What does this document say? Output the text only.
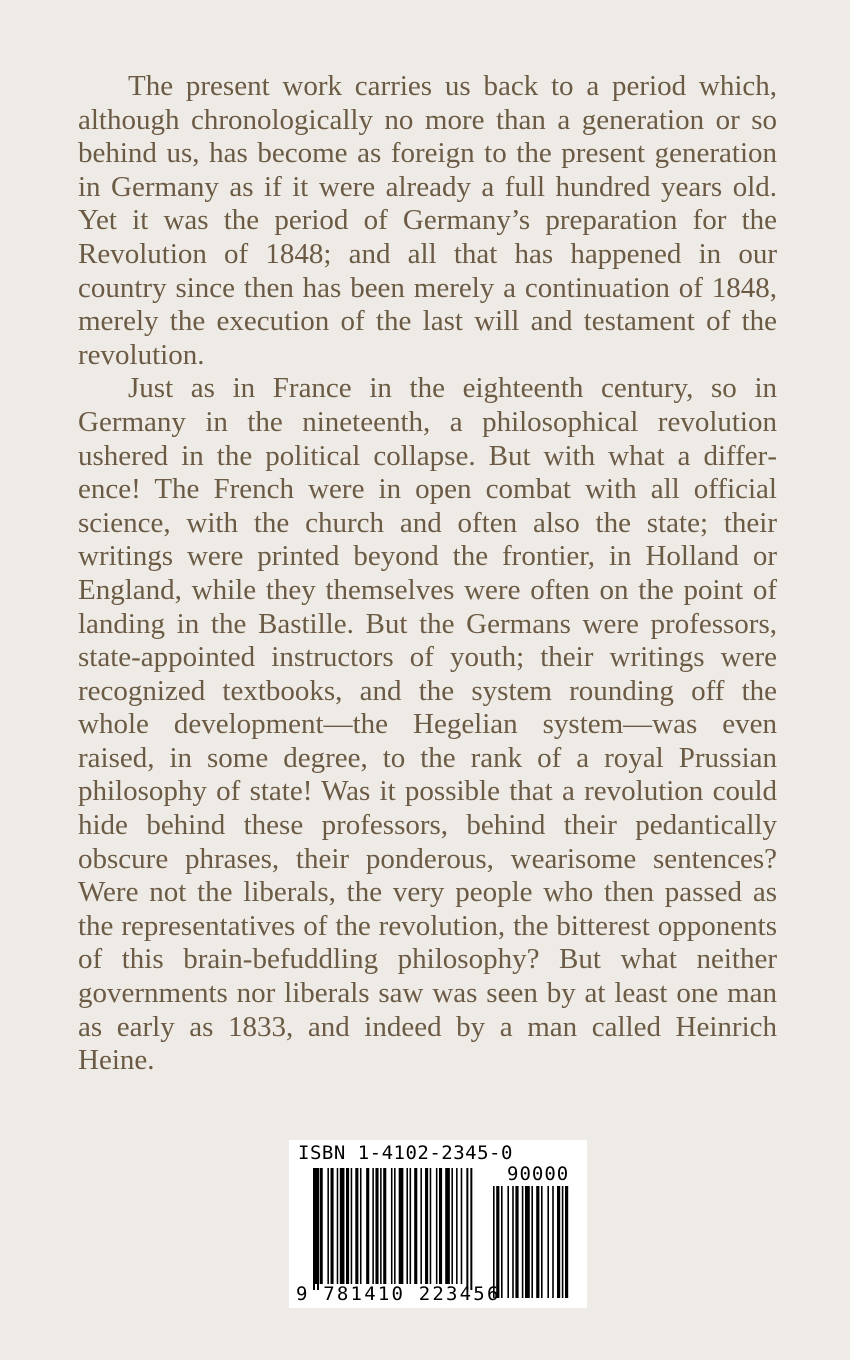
The present work carries us back to a period which, although chronologically no more than a generation or so behind us, has become as foreign to the present generation in Germany as if it were already a full hundred years old. Yet it was the period of Germany’s preparation for the Revolution of 1848; and all that has happened in our country since then has been merely a continuation of 1848, merely the execution of the last will and testament of the revolution.

Just as in France in the eighteenth century, so in Germany in the nineteenth, a philosophical revolution ushered in the political collapse. But with what a difference! The French were in open combat with all official science, with the church and often also the state; their writings were printed beyond the frontier, in Holland or England, while they themselves were often on the point of landing in the Bastille. But the Germans were professors, state-appointed instructors of youth; their writings were recognized textbooks, and the system rounding off the whole development—the Hegelian system—was even raised, in some degree, to the rank of a royal Prussian philosophy of state! Was it possible that a revolution could hide behind these professors, behind their pedantically obscure phrases, their ponderous, wearisome sentences? Were not the liberals, the very people who then passed as the representatives of the revolution, the bitterest opponents of this brain-befuddling philosophy? But what neither governments nor liberals saw was seen by at least one man as early as 1833, and indeed by a man called Heinrich Heine.

ISBN 1-4102-2345-0
90000
9 781410 223456
